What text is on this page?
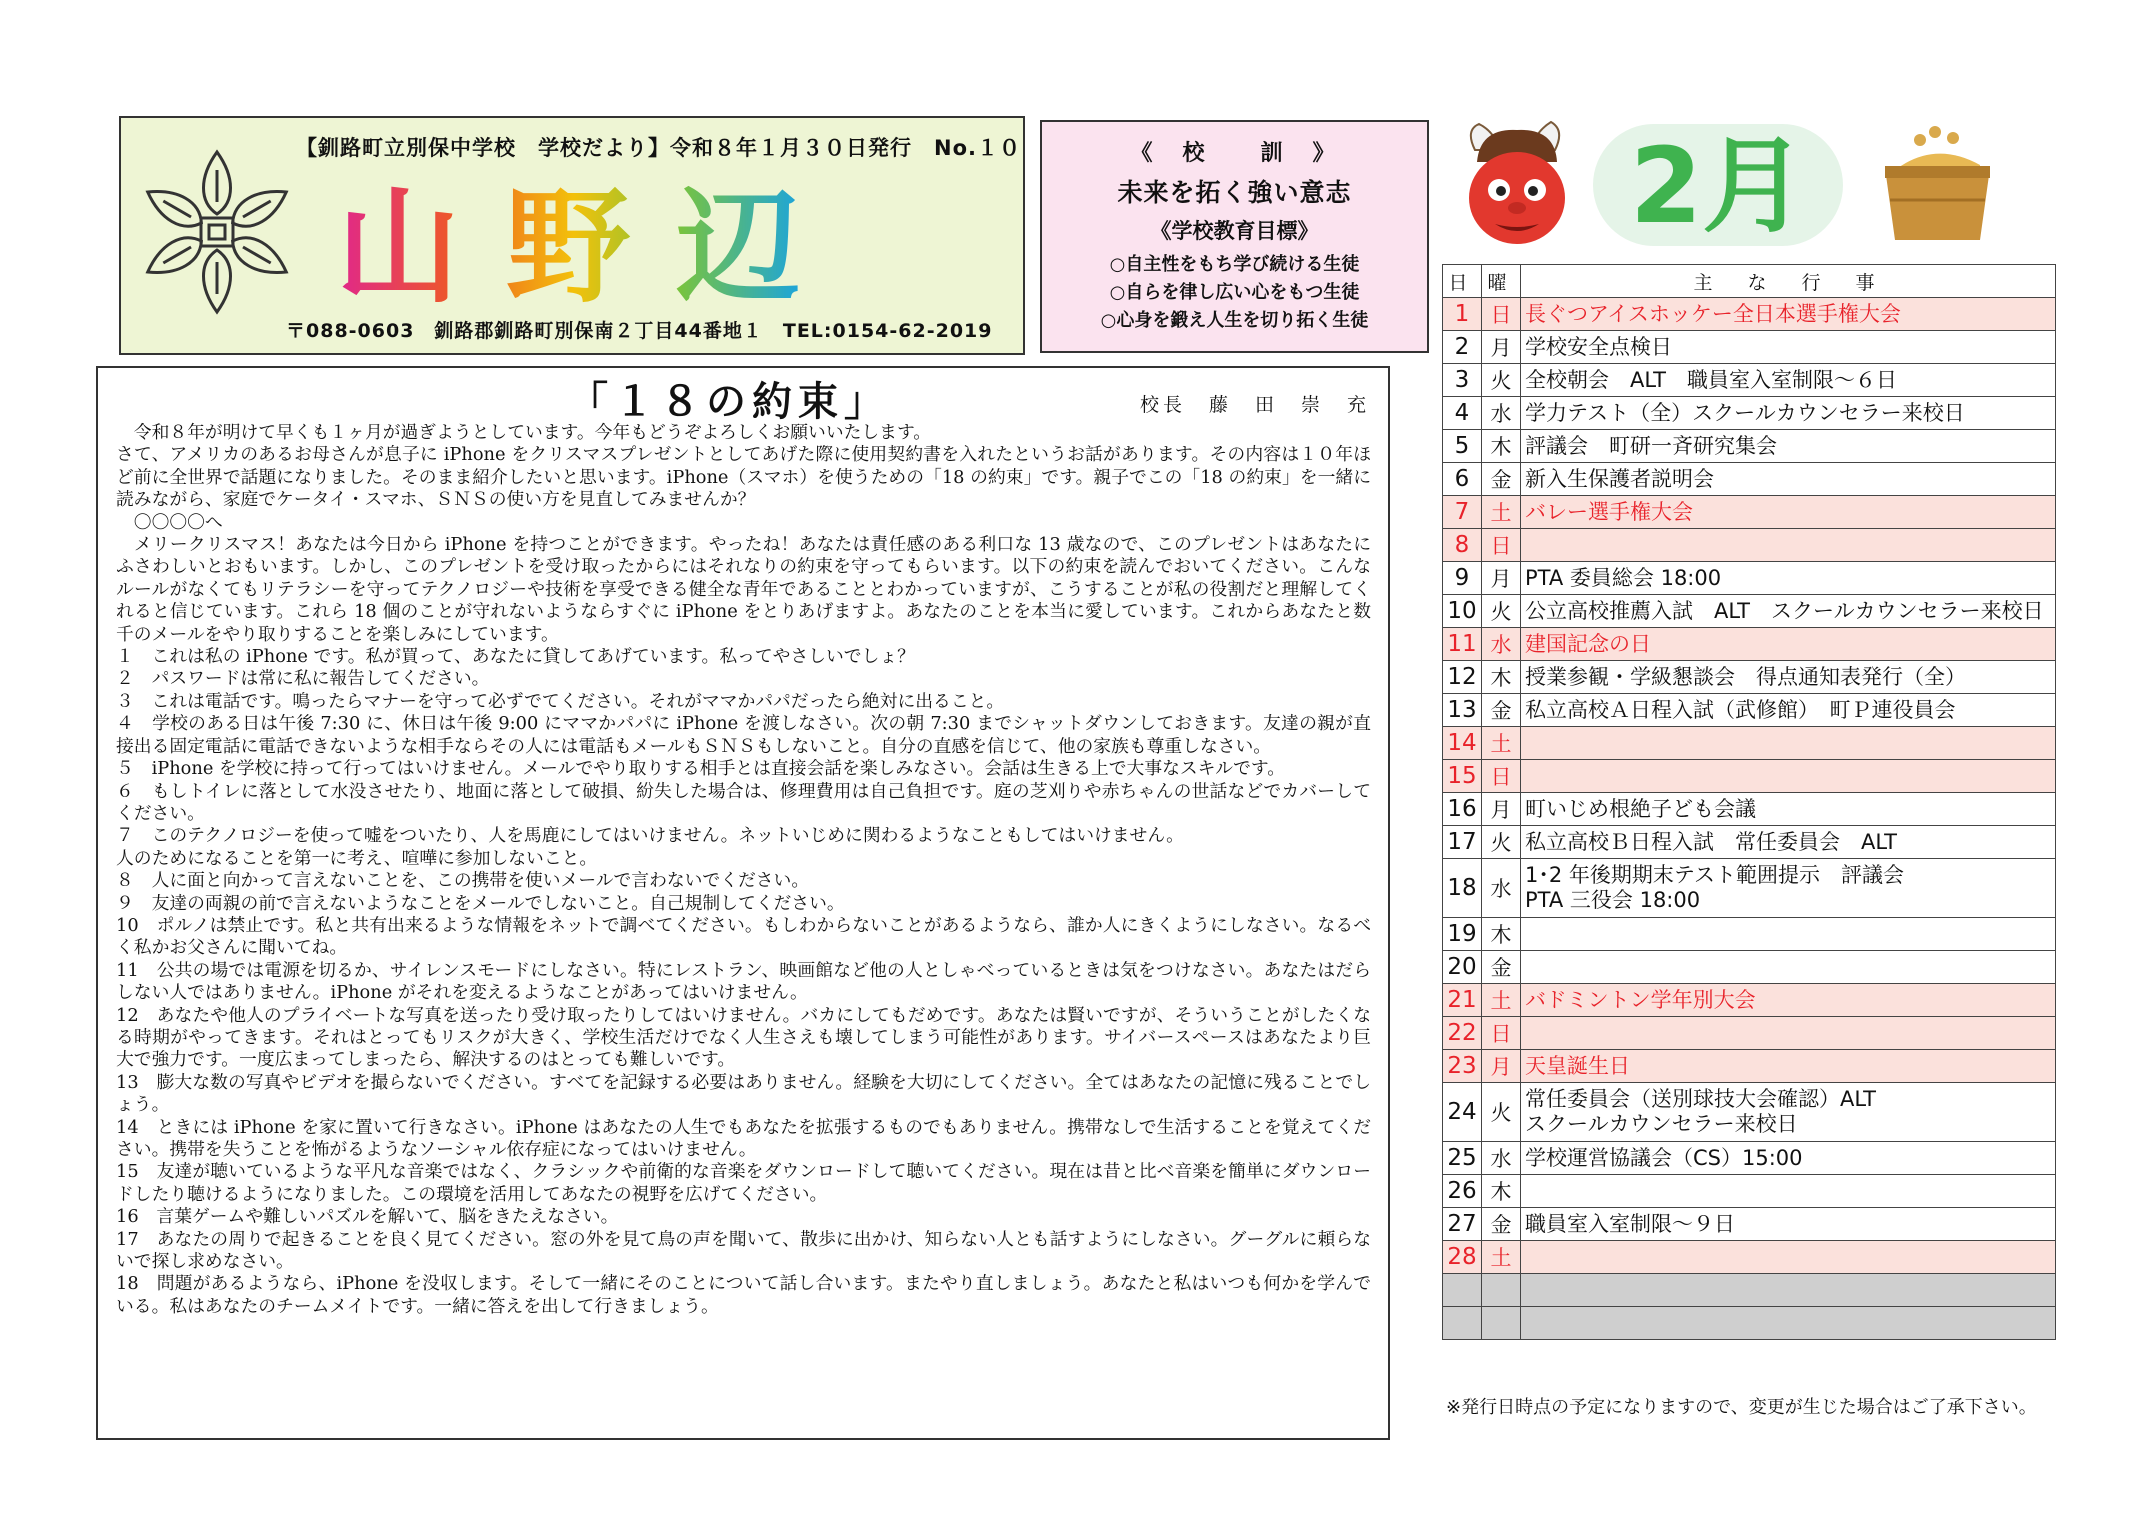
【釧路町立別保中学校　学校だより】令和８年１月３０日発行　No.１０
山野辺
〒088-0603　釧路郡釧路町別保南２丁目44番地１　TEL:0154-62-2019
《　校　　訓　》
未来を拓く強い意志
《学校教育目標》
○自主性をもち学び続ける生徒
○自らを律し広い心をもつ生徒
○心身を鍛え人生を切り拓く生徒
2月
「１８の約束」	校長　藤　田　崇　充

　令和８年が明けて早くも１ヶ月が過ぎようとしています。今年もどうぞよろしくお願いいたします。

さて、アメリカのあるお母さんが息子に iPhone をクリスマスプレゼントとしてあげた際に使用契約書を入れたというお話があります。その内容は１０年ほど前に全世界で話題になりました。そのまま紹介したいと思います。iPhone（スマホ）を使うための「18 の約束」です。親子でこの「18 の約束」を一緒に読みながら、家庭でケータイ・スマホ、ＳＮＳの使い方を見直してみませんか？

　〇〇〇〇へ

　メリークリスマス！あなたは今日から iPhone を持つことができます。やったね！あなたは責任感のある利口な 13 歳なので、このプレゼントはあなたにふさわしいとおもいます。しかし、このプレゼントを受け取ったからにはそれなりの約束を守ってもらいます。以下の約束を読んでおいてください。こんなルールがなくてもリテラシーを守ってテクノロジーや技術を享受できる健全な青年であることとわかっていますが、こうすることが私の役割だと理解してくれると信じています。これら 18 個のことが守れないようならすぐに iPhone をとりあげますよ。あなたのことを本当に愛しています。これからあなたと数千のメールをやり取りすることを楽しみにしています。

１　これは私の iPhone です。私が買って、あなたに貸してあげています。私ってやさしいでしょ？

２　パスワードは常に私に報告してください。

３　これは電話です。鳴ったらマナーを守って必ずでてください。それがママかパパだったら絶対に出ること。

４　学校のある日は午後 7:30 に、休日は午後 9:00 にママかパパに iPhone を渡しなさい。次の朝 7:30 までシャットダウンしておきます。友達の親が直接出る固定電話に電話できないような相手ならその人には電話もメールもＳＮＳもしないこと。自分の直感を信じて、他の家族も尊重しなさい。

５　iPhone を学校に持って行ってはいけません。メールでやり取りする相手とは直接会話を楽しみなさい。会話は生きる上で大事なスキルです。

６　もしトイレに落として水没させたり、地面に落として破損、紛失した場合は、修理費用は自己負担です。庭の芝刈りや赤ちゃんの世話などでカバーしてください。

７　このテクノロジーを使って嘘をついたり、人を馬鹿にしてはいけません。ネットいじめに関わるようなこともしてはいけません。

人のためになることを第一に考え、喧嘩に参加しないこと。

８　人に面と向かって言えないことを、この携帯を使いメールで言わないでください。

９　友達の両親の前で言えないようなことをメールでしないこと。自己規制してください。

10　ポルノは禁止です。私と共有出来るような情報をネットで調べてください。もしわからないことがあるようなら、誰か人にきくようにしなさい。なるべく私かお父さんに聞いてね。

11　公共の場では電源を切るか、サイレンスモードにしなさい。特にレストラン、映画館など他の人としゃべっているときは気をつけなさい。あなたはだらしない人ではありません。iPhone がそれを変えるようなことがあってはいけません。

12　あなたや他人のプライベートな写真を送ったり受け取ったりしてはいけません。バカにしてもだめです。あなたは賢いですが、そういうことがしたくなる時期がやってきます。それはとってもリスクが大きく、学校生活だけでなく人生さえも壊してしまう可能性があります。サイバースペースはあなたより巨大で強力です。一度広まってしまったら、解決するのはとっても難しいです。

13　膨大な数の写真やビデオを撮らないでください。すべてを記録する必要はありません。経験を大切にしてください。全てはあなたの記憶に残ることでしょう。

14　ときには iPhone を家に置いて行きなさい。iPhone はあなたの人生でもあなたを拡張するものでもありません。携帯なしで生活することを覚えてください。携帯を失うことを怖がるようなソーシャル依存症になってはいけません。

15　友達が聴いているような平凡な音楽ではなく、クラシックや前衛的な音楽をダウンロードして聴いてください。現在は昔と比べ音楽を簡単にダウンロードしたり聴けるようになりました。この環境を活用してあなたの視野を広げてください。

16　言葉ゲームや難しいパズルを解いて、脳をきたえなさい。

17　あなたの周りで起きることを良く見てください。窓の外を見て鳥の声を聞いて、散歩に出かけ、知らない人とも話すようにしなさい。グーグルに頼らないで探し求めなさい。

18　問題があるようなら、iPhone を没収します。そして一緒にそのことについて話し合います。またやり直しましょう。あなたと私はいつも何かを学んでいる。私はあなたのチームメイトです。一緒に答えを出して行きましょう。

日	曜	主　な　行　事
1	日	長ぐつアイスホッケー全日本選手権大会

2	月	学校安全点検日

3	火	全校朝会　ALT　職員室入室制限～６日

4	水	学力テスト（全）スクールカウンセラー来校日

5	木	評議会　町研一斉研究集会

6	金	新入生保護者説明会

7	土	バレー選手権大会

8	日	

9	月	PTA 委員総会 18:00

10	火	公立高校推薦入試　ALT　スクールカウンセラー来校日

11	水	建国記念の日

12	木	授業参観・学級懇談会　得点通知表発行（全）

13	金	私立高校Ａ日程入試（武修館）　町Ｐ連役員会

14	土	

15	日	

16	月	町いじめ根絶子ども会議

17	火	私立高校Ｂ日程入試　常任委員会　ALT

18	水	1･2 年後期期末テスト範囲提示　評議会
PTA 三役会 18:00

19	木	

20	金	

21	土	バドミントン学年別大会

22	日	

23	月	天皇誕生日

24	火	常任委員会（送別球技大会確認）ALT
スクールカウンセラー来校日

25	水	学校運営協議会（CS）15:00

26	木	

27	金	職員室入室制限～９日

28	土	

※発行日時点の予定になりますので、変更が生じた場合はご了承下さい。
